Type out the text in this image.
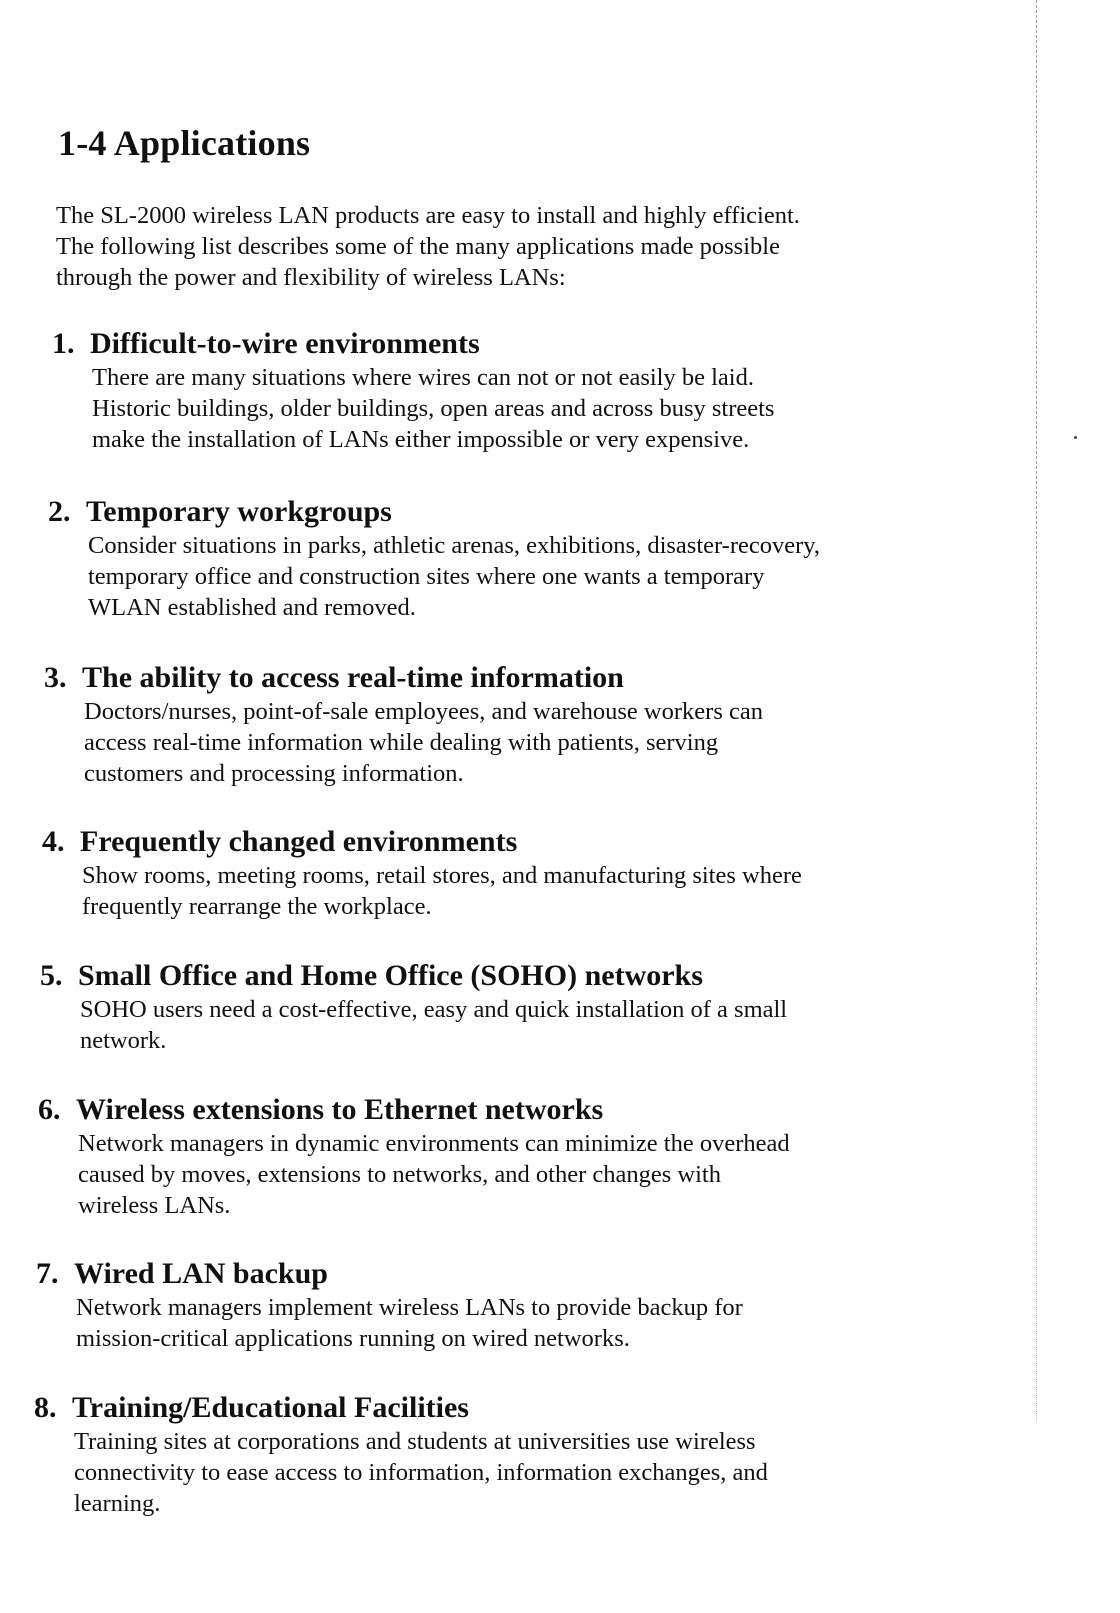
1-4 Applications

The SL-2000 wireless LAN products are easy to install and highly efficient.
The following list describes some of the many applications made possible
through the power and flexibility of wireless LANs:

1. Difficult-to-wire environments

There are many situations where wires can not or not easily be laid.
Historic buildings, older buildings, open areas and across busy streets
make the installation of LANs either impossible or very expensive.

2. Temporary workgroups

Consider situations in parks, athletic arenas, exhibitions, disaster-recovery,
temporary office and construction sites where one wants a temporary
WLAN established and removed.

3. The ability to access real-time information

Doctors/nurses, point-of-sale employees, and warehouse workers can
access real-time information while dealing with patients, serving
customers and processing information.

4. Frequently changed environments

Show rooms, meeting rooms, retail stores, and manufacturing sites where
frequently rearrange the workplace.

5. Small Office and Home Office (SOHO) networks

SOHO users need a cost-effective, easy and quick installation of a small
network.

6. Wireless extensions to Ethernet networks

Network managers in dynamic environments can minimize the overhead
caused by moves, extensions to networks, and other changes with
wireless LANs.

7. Wired LAN backup

Network managers implement wireless LANs to provide backup for
mission-critical applications running on wired networks.

8. Training/Educational Facilities

Training sites at corporations and students at universities use wireless
connectivity to ease access to information, information exchanges, and
learning.
